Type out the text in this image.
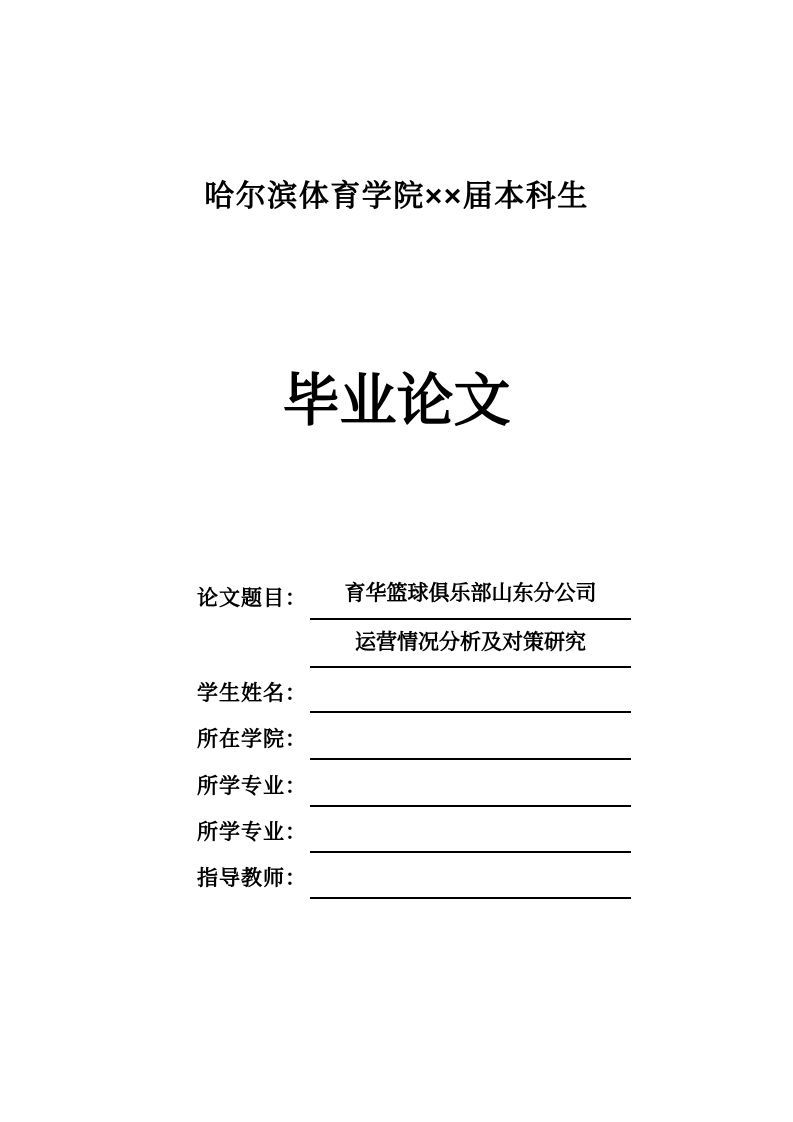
哈尔滨体育学院××届本科生
毕业论文
论文题目：	育华篮球俱乐部山东分公司
运营情况分析及对策研究
学生姓名：
所在学院：
所学专业：
所学专业：
指导教师：
